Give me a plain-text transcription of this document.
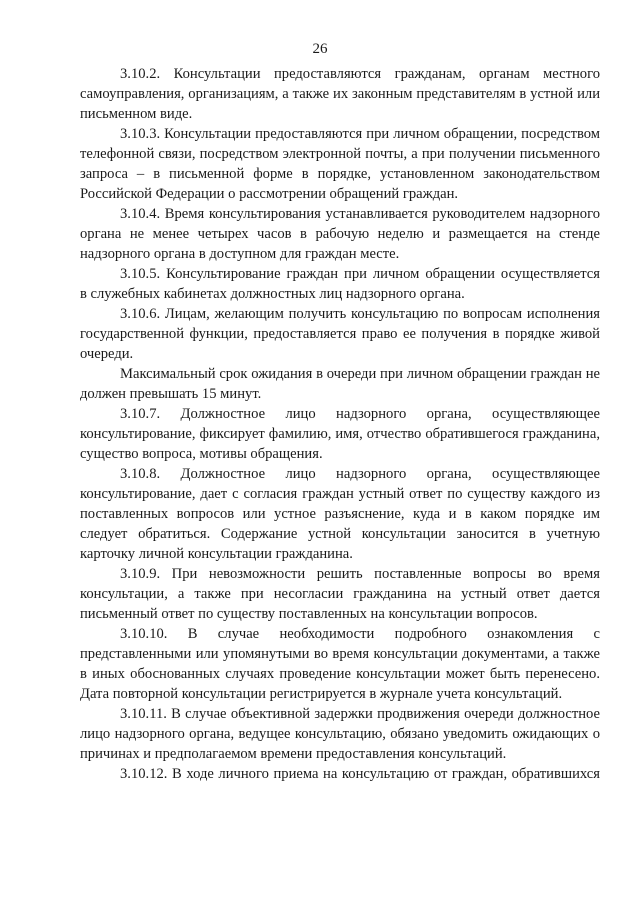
26

3.10.2. Консультации предоставляются гражданам, органам местного самоуправления, организациям, а также их законным представителям в устной или письменном виде.

3.10.3. Консультации предоставляются при личном обращении, посредством телефонной связи, посредством электронной почты, а при получении письменного запроса – в письменной форме в порядке, установленном законодательством Российской Федерации о рассмотрении обращений граждан.

3.10.4. Время консультирования устанавливается руководителем надзорного органа не менее четырех часов в рабочую неделю и размещается на стенде надзорного органа в доступном для граждан месте.

3.10.5. Консультирование граждан при личном обращении осуществляется

в служебных кабинетах должностных лиц надзорного органа.

3.10.6. Лицам, желающим получить консультацию по вопросам исполнения государственной функции, предоставляется право ее получения в порядке живой очереди.

Максимальный срок ожидания в очереди при личном обращении граждан не должен превышать 15 минут.

3.10.7. Должностное лицо надзорного органа, осуществляющее консультирование, фиксирует фамилию, имя, отчество обратившегося гражданина, существо вопроса, мотивы обращения.

3.10.8. Должностное лицо надзорного органа, осуществляющее консультирование, дает с согласия граждан устный ответ по существу каждого из поставленных вопросов или устное разъяснение, куда и в каком порядке им следует обратиться. Содержание устной консультации заносится в учетную карточку личной консультации гражданина.

3.10.9. При невозможности решить поставленные вопросы во время консультации, а также при несогласии гражданина на устный ответ дается письменный ответ по существу поставленных на консультации вопросов.

3.10.10. В случае необходимости подробного ознакомления с представленными или упомянутыми во время консультации документами, а также в иных обоснованных случаях проведение консультации может быть перенесено. Дата повторной консультации регистрируется в журнале учета консультаций.

3.10.11. В случае объективной задержки продвижения очереди должностное лицо надзорного органа, ведущее консультацию, обязано уведомить ожидающих о причинах и предполагаемом времени предоставления консультаций.

3.10.12. В ходе личного приема на консультацию от граждан, обратившихся
